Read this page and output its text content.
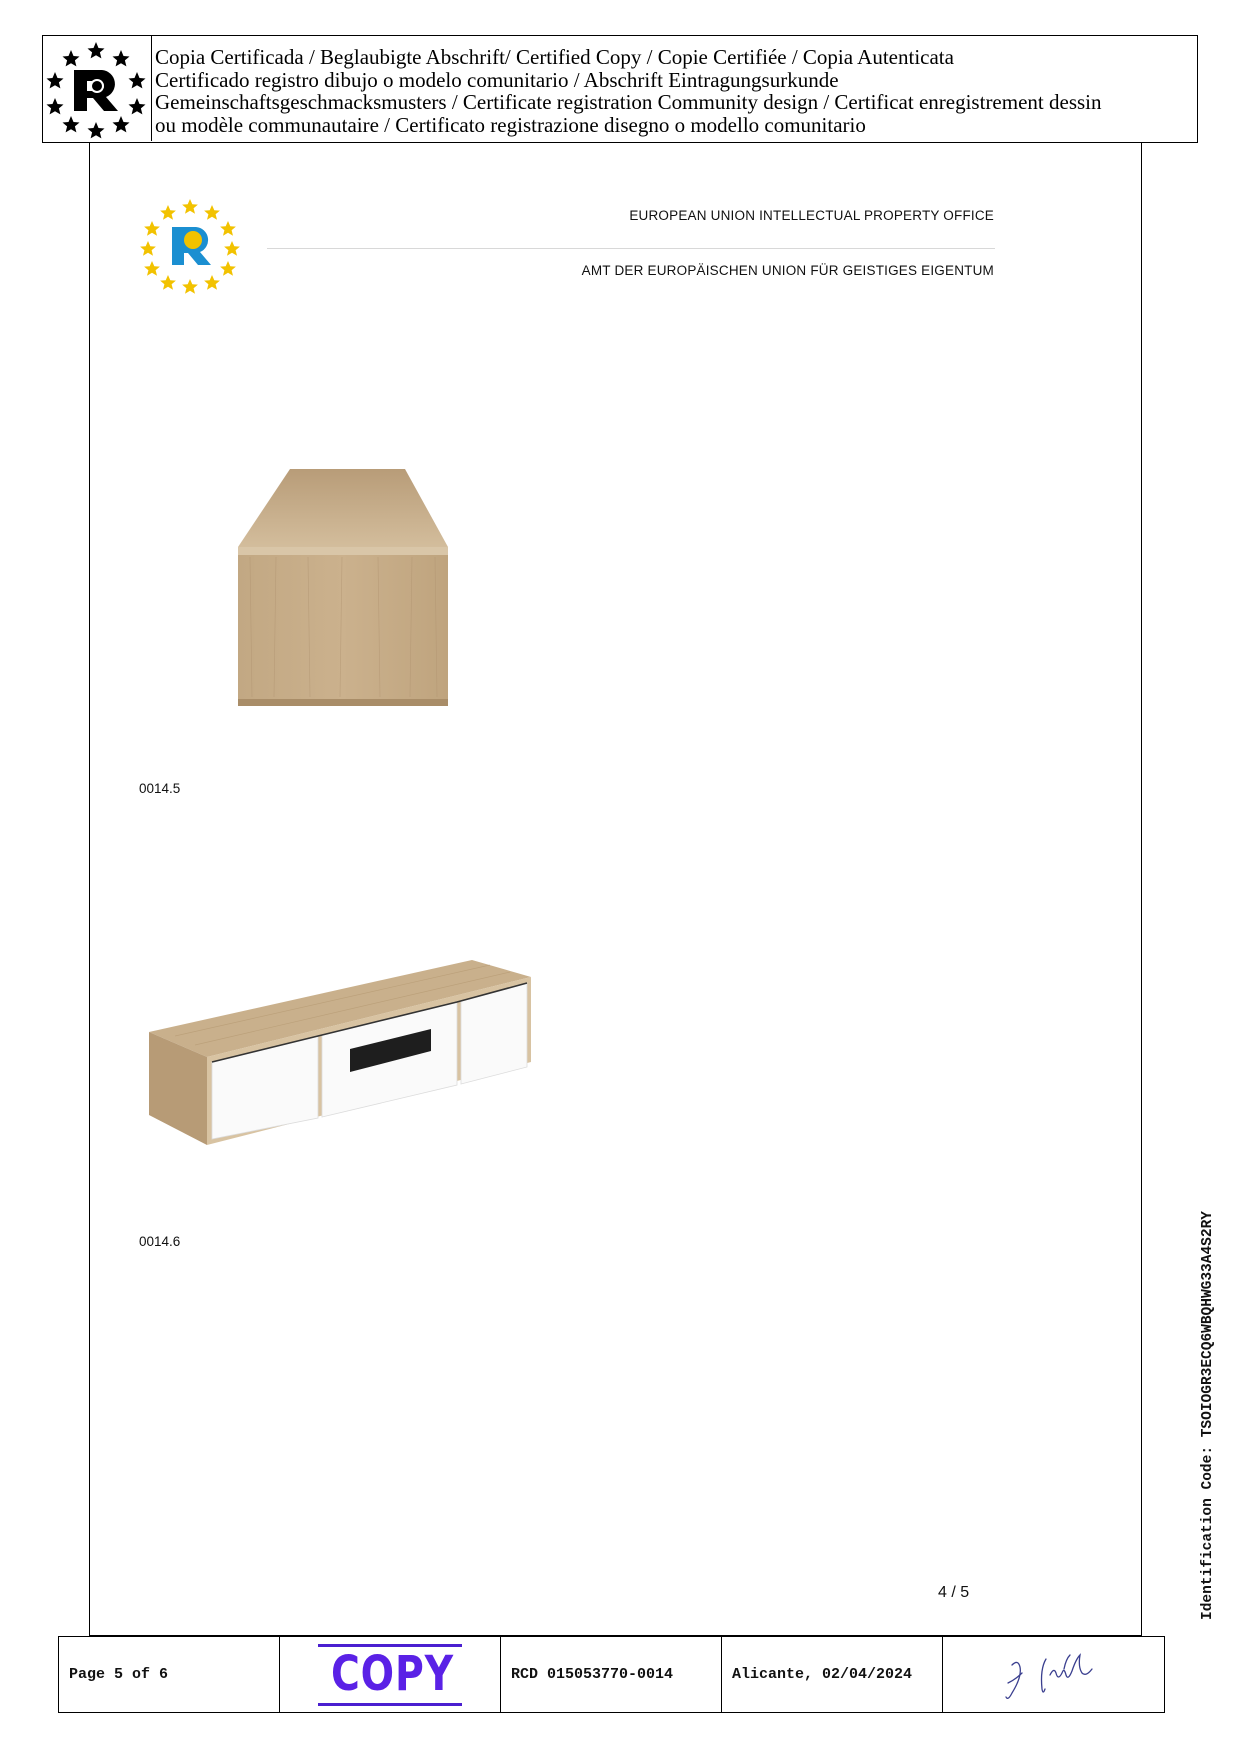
Copia Certificada / Beglaubigte Abschrift/ Certified Copy / Copie Certifiée / Copia Autenticata
Certificado registro dibujo o modelo comunitario / Abschrift Eintragungsurkunde
Gemeinschaftsgeschmacksmusters / Certificate registration Community design / Certificat enregistrement dessin
ou modèle communautaire / Certificato registrazione disegno o modello comunitario
EUROPEAN UNION INTELLECTUAL PROPERTY OFFICE
AMT DER EUROPÄISCHEN UNION FÜR GEISTIGES EIGENTUM
0014.5
0014.6
4 / 5	Identification Code: TSOIOGR3ECQ6WBQHWG33A4S2RY
Page 5 of 6	COPY	RCD 015053770-0014	Alicante, 02/04/2024
